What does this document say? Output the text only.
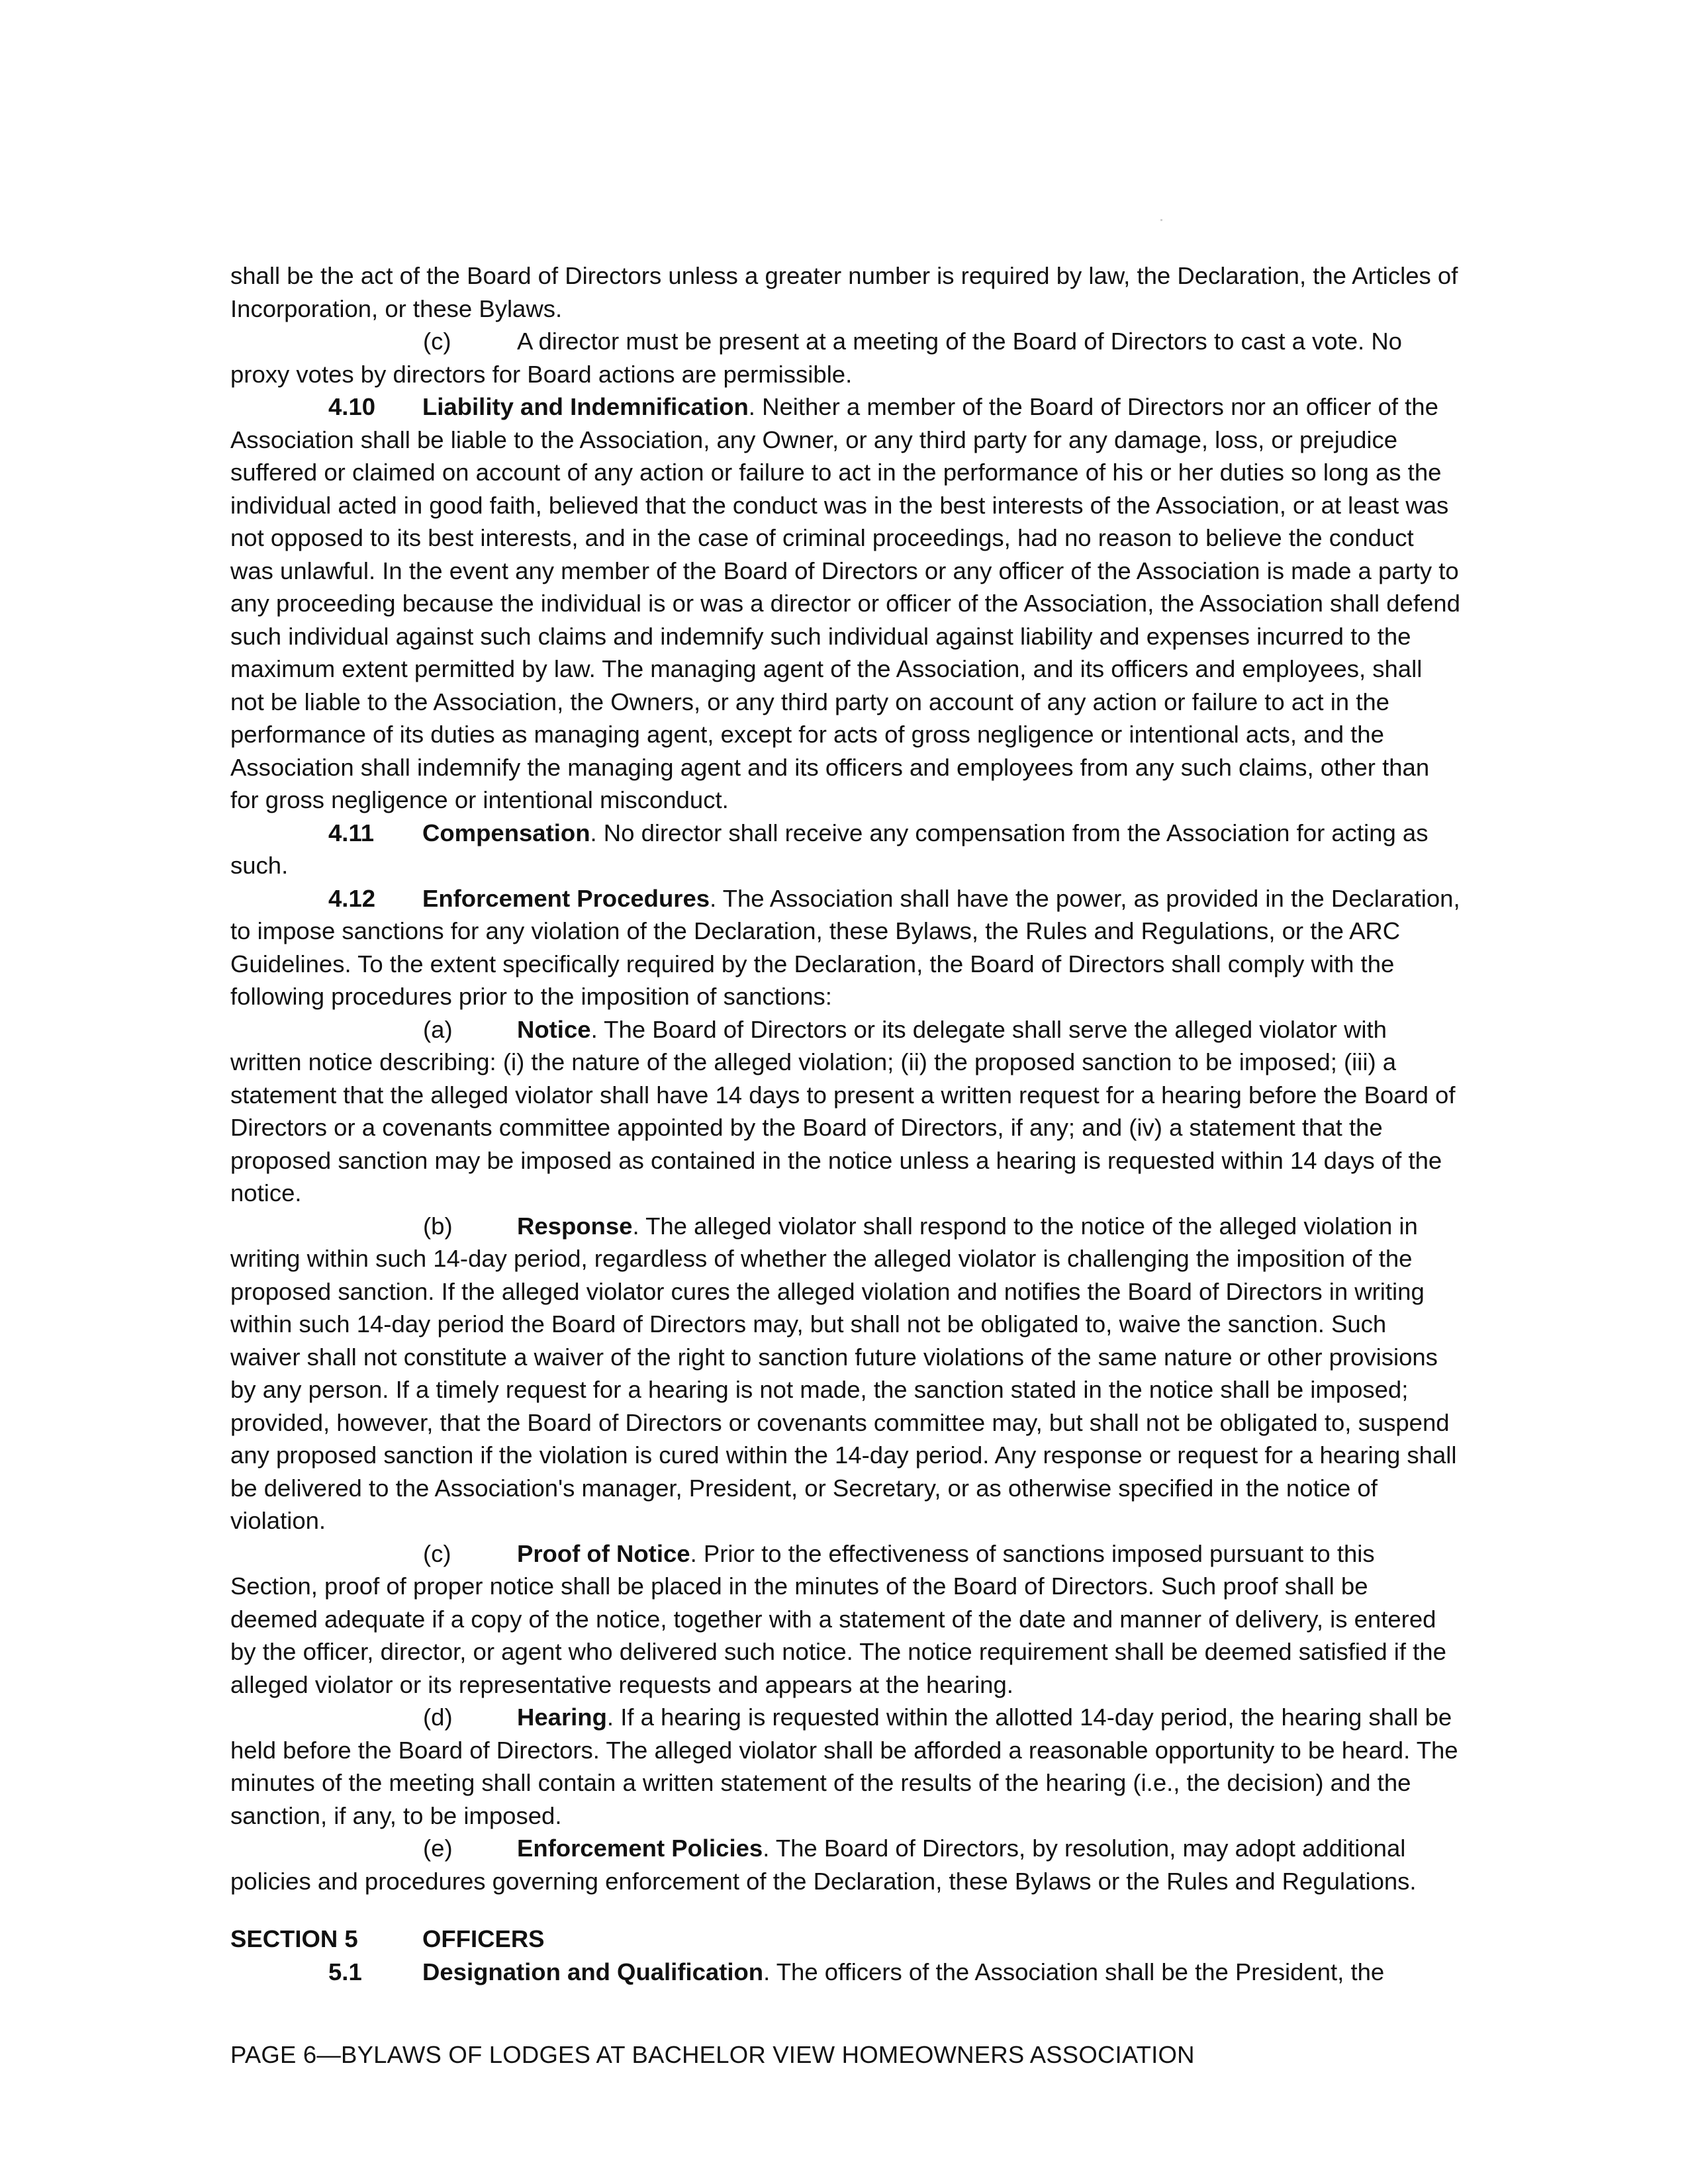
shall be the act of the Board of Directors unless a greater number is required by law, the Declaration, the Articles of Incorporation, or these Bylaws.

(c)	A director must be present at a meeting of the Board of Directors to cast a vote. No proxy votes by directors for Board actions are permissible.

4.10 Liability and Indemnification. Neither a member of the Board of Directors nor an officer of the Association shall be liable to the Association, any Owner, or any third party for any damage, loss, or prejudice suffered or claimed on account of any action or failure to act in the performance of his or her duties so long as the individual acted in good faith, believed that the conduct was in the best interests of the Association, or at least was not opposed to its best interests, and in the case of criminal proceedings, had no reason to believe the conduct was unlawful. In the event any member of the Board of Directors or any officer of the Association is made a party to any proceeding because the individual is or was a director or officer of the Association, the Association shall defend such individual against such claims and indemnify such individual against liability and expenses incurred to the maximum extent permitted by law. The managing agent of the Association, and its officers and employees, shall not be liable to the Association, the Owners, or any third party on account of any action or failure to act in the performance of its duties as managing agent, except for acts of gross negligence or intentional acts, and the Association shall indemnify the managing agent and its officers and employees from any such claims, other than for gross negligence or intentional misconduct.

4.11 Compensation. No director shall receive any compensation from the Association for acting as such.

4.12 Enforcement Procedures. The Association shall have the power, as provided in the Declaration, to impose sanctions for any violation of the Declaration, these Bylaws, the Rules and Regulations, or the ARC Guidelines. To the extent specifically required by the Declaration, the Board of Directors shall comply with the following procedures prior to the imposition of sanctions:

(a)	Notice. The Board of Directors or its delegate shall serve the alleged violator with written notice describing: (i) the nature of the alleged violation; (ii) the proposed sanction to be imposed; (iii) a statement that the alleged violator shall have 14 days to present a written request for a hearing before the Board of Directors or a covenants committee appointed by the Board of Directors, if any; and (iv) a statement that the proposed sanction may be imposed as contained in the notice unless a hearing is requested within 14 days of the notice.

(b)	Response. The alleged violator shall respond to the notice of the alleged violation in writing within such 14-day period, regardless of whether the alleged violator is challenging the imposition of the proposed sanction. If the alleged violator cures the alleged violation and notifies the Board of Directors in writing within such 14-day period the Board of Directors may, but shall not be obligated to, waive the sanction. Such waiver shall not constitute a waiver of the right to sanction future violations of the same nature or other provisions by any person. If a timely request for a hearing is not made, the sanction stated in the notice shall be imposed; provided, however, that the Board of Directors or covenants committee may, but shall not be obligated to, suspend any proposed sanction if the violation is cured within the 14-day period. Any response or request for a hearing shall be delivered to the Association's manager, President, or Secretary, or as otherwise specified in the notice of violation.

(c)	Proof of Notice. Prior to the effectiveness of sanctions imposed pursuant to this Section, proof of proper notice shall be placed in the minutes of the Board of Directors. Such proof shall be deemed adequate if a copy of the notice, together with a statement of the date and manner of delivery, is entered by the officer, director, or agent who delivered such notice. The notice requirement shall be deemed satisfied if the alleged violator or its representative requests and appears at the hearing.

(d)	Hearing. If a hearing is requested within the allotted 14-day period, the hearing shall be held before the Board of Directors. The alleged violator shall be afforded a reasonable opportunity to be heard. The minutes of the meeting shall contain a written statement of the results of the hearing (i.e., the decision) and the sanction, if any, to be imposed.

(e)	Enforcement Policies. The Board of Directors, by resolution, may adopt additional policies and procedures governing enforcement of the Declaration, these Bylaws or the Rules and Regulations.

SECTION 5	OFFICERS

5.1	Designation and Qualification. The officers of the Association shall be the President, the

PAGE 6—BYLAWS OF LODGES AT BACHELOR VIEW HOMEOWNERS ASSOCIATION
